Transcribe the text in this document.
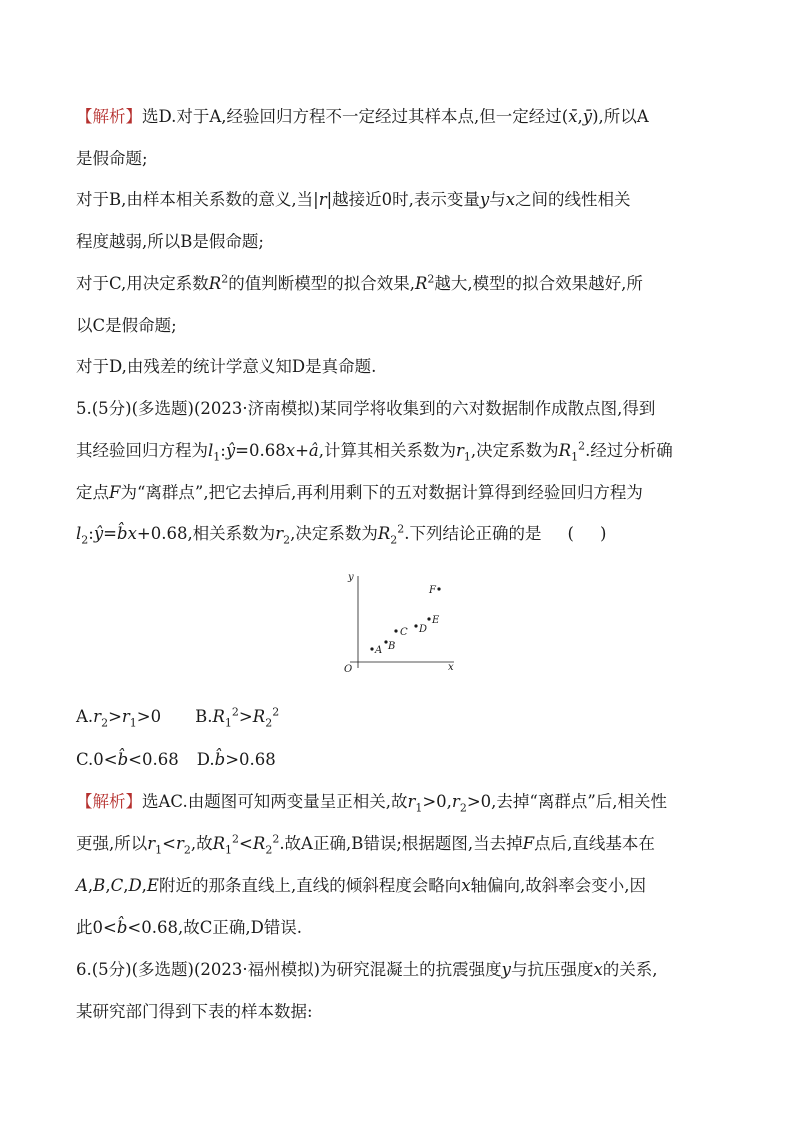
【解析】选D.对于A,经验回归方程不一定经过其样本点,但一定经过(x̄,ȳ),所以A
是假命题;
对于B,由样本相关系数的意义,当|r|越接近0时,表示变量y与x之间的线性相关
程度越弱,所以B是假命题;
对于C,用决定系数$R^2$的值判断模型的拟合效果$,R^2$越大,模型的拟合效果越好,所
以C是假命题;
对于D,由残差的统计学意义知D是真命题.
5.(5分)(多选题)(2023·济南模拟)某同学将收集到的六对数据制作成散点图,得到
其经验回归方程为$l_1:ŷ=0.68x+â$,计算其相关系数为$r_1$,决定系数为$R_1^2$.经过分析确
定点F为“离群点”,把它去掉后,再利用剩下的五对数据计算得到经验回归方程为
$l_2:ŷ=b̂x+0.68$,相关系数为$r_2$,决定系数为$R_2^2$.下列结论正确的是 ( )
y
x
O
A B
C D
E
F
$A.r_2>r_1>0$ $B.R_1^2>R_2^2$
C.0<b̂<0.68 D.b̂>0.68
【解析】选AC.由题图可知两变量呈正相关,故$r_1>0,r_2>0$,去掉“离群点”后,相关性
更强,所以$r_1<r_2$,故$R_1^2<R_2^2$.故A正确,B错误;根据题图,当去掉F点后,直线基本在
A,B,C,D,E附近的那条直线上,直线的倾斜程度会略向x轴偏向,故斜率会变小,因
此0<b̂<0.68,故C正确,D错误.
6.(5分)(多选题)(2023·福州模拟)为研究混凝土的抗震强度y与抗压强度x的关系,
某研究部门得到下表的样本数据:
